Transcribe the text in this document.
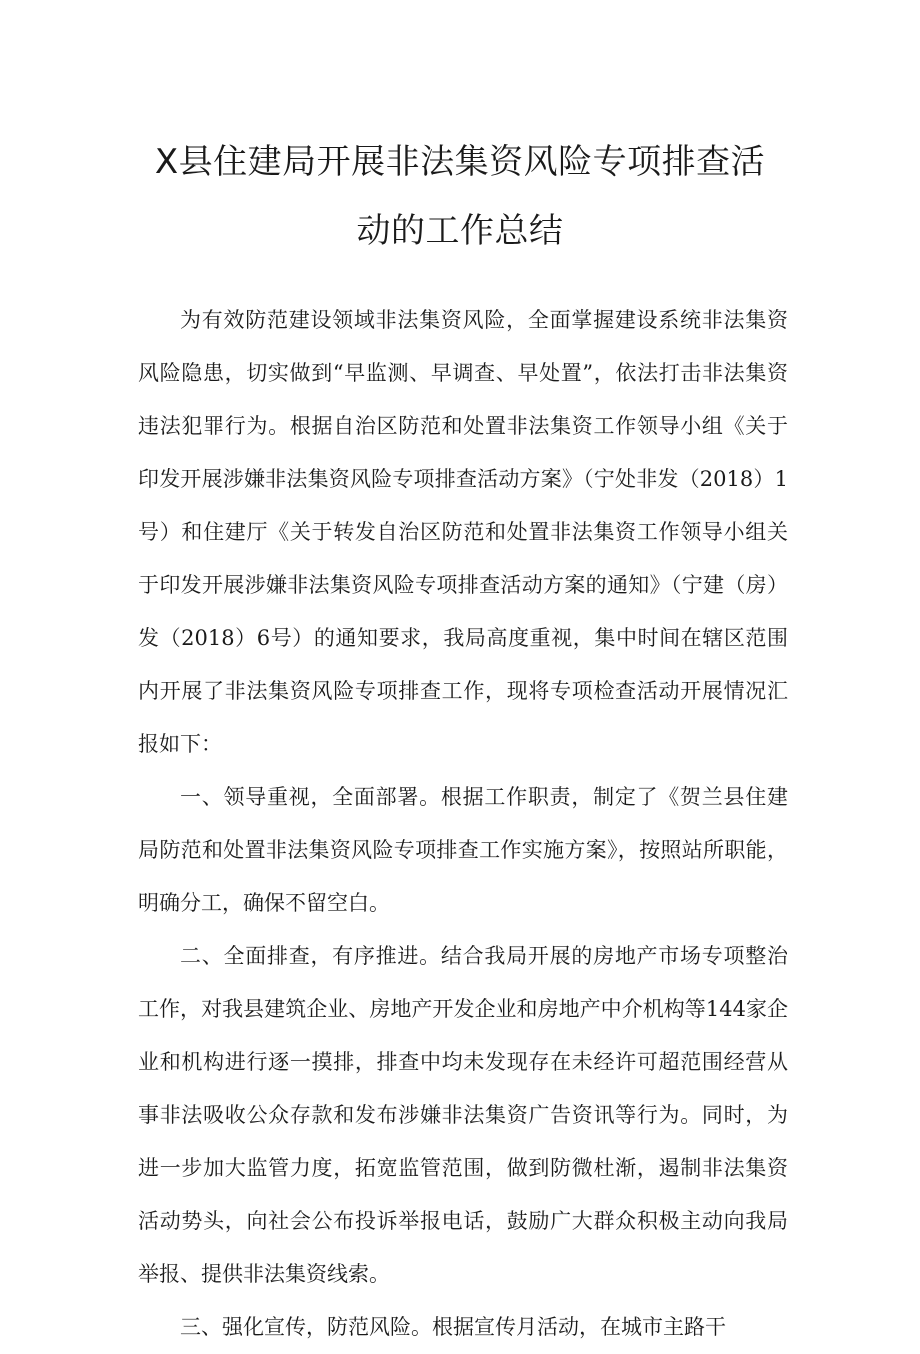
X县住建局开展非法集资风险专项排查活
动的工作总结

为有效防范建设领域非法集资风险，全面掌握建设系统非法集资风险隐患，切实做到“早监测、早调查、早处置”，依法打击非法集资违法犯罪行为。根据自治区防范和处置非法集资工作领导小组《关于印发开展涉嫌非法集资风险专项排查活动方案》（宁处非发（2018）1号）和住建厅《关于转发自治区防范和处置非法集资工作领导小组关于印发开展涉嫌非法集资风险专项排查活动方案的通知》（宁建（房）发（2018）6号）的通知要求，我局高度重视，集中时间在辖区范围内开展了非法集资风险专项排查工作，现将专项检查活动开展情况汇报如下：

一、领导重视，全面部署。根据工作职责，制定了《贺兰县住建局防范和处置非法集资风险专项排查工作实施方案》，按照站所职能，明确分工，确保不留空白。

二、全面排查，有序推进。结合我局开展的房地产市场专项整治工作，对我县建筑企业、房地产开发企业和房地产中介机构等144家企业和机构进行逐一摸排，排查中均未发现存在未经许可超范围经营从事非法吸收公众存款和发布涉嫌非法集资广告资讯等行为。同时，为进一步加大监管力度，拓宽监管范围，做到防微杜渐，遏制非法集资活动势头，向社会公布投诉举报电话，鼓励广大群众积极主动向我局举报、提供非法集资线索。

三、强化宣传，防范风险。根据宣传月活动，在城市主路干
